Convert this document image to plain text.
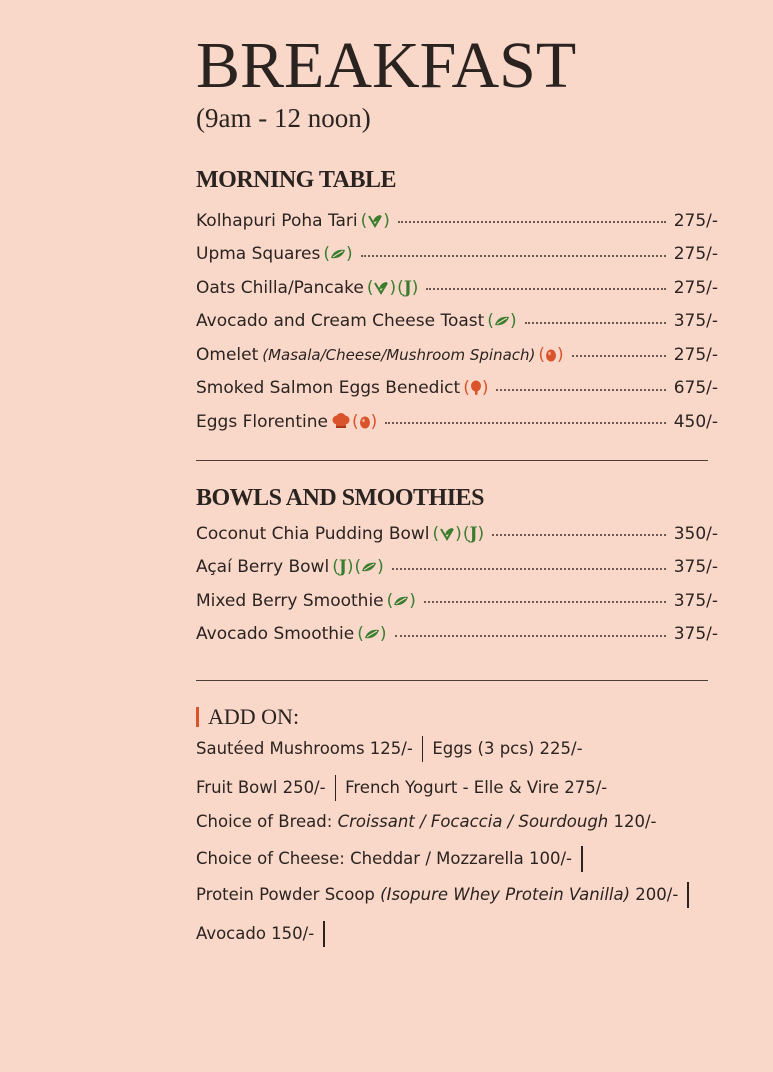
BREAKFAST
(9am - 12 noon)
MORNING TABLE
Kolhapuri Poha Tari ( )	275/-
Upma Squares ( )	275/-
Oats Chilla/Pancake ( ) ( J )	275/-
Avocado and Cream Cheese Toast ( )	375/-
Omelet (Masala/Cheese/Mushroom Spinach) ( )	275/-
Smoked Salmon Eggs Benedict ( )	675/-
Eggs Florentine ( )	450/-
BOWLS AND SMOOTHIES
Coconut Chia Pudding Bowl ( ) ( J )	350/-
Açaí Berry Bowl ( J ) ( )	375/-
Mixed Berry Smoothie ( )	375/-
Avocado Smoothie ( )	375/-
ADD ON:
Sautéed Mushrooms 125/- Eggs (3 pcs) 225/-
Fruit Bowl 250/- French Yogurt - Elle & Vire 275/-
Choice of Bread: Croissant / Focaccia / Sourdough 120/-
Choice of Cheese: Cheddar / Mozzarella 100/-
Protein Powder Scoop (Isopure Whey Protein Vanilla) 200/-
Avocado 150/-
